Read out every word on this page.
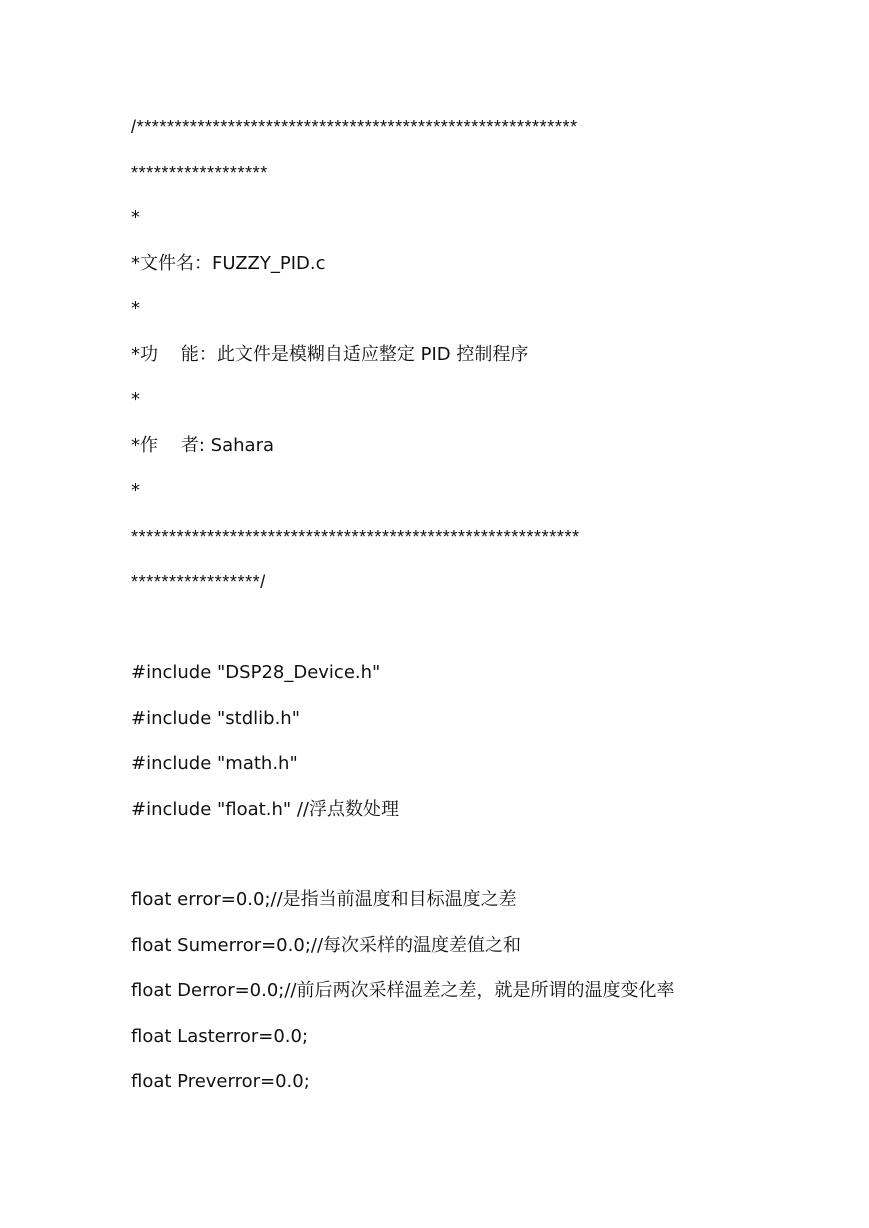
/**********************************************************

******************

*

*文件名：FUZZY_PID.c

*

*功    能：此文件是模糊自适应整定 PID 控制程序

*

*作    者: Sahara

*

***********************************************************

*****************/

#include "DSP28_Device.h"

#include "stdlib.h"

#include "math.h"

#include "float.h" //浮点数处理

float error=0.0;//是指当前温度和目标温度之差

float Sumerror=0.0;//每次采样的温度差值之和

float Derror=0.0;//前后两次采样温差之差，就是所谓的温度变化率

float Lasterror=0.0;

float Preverror=0.0;
